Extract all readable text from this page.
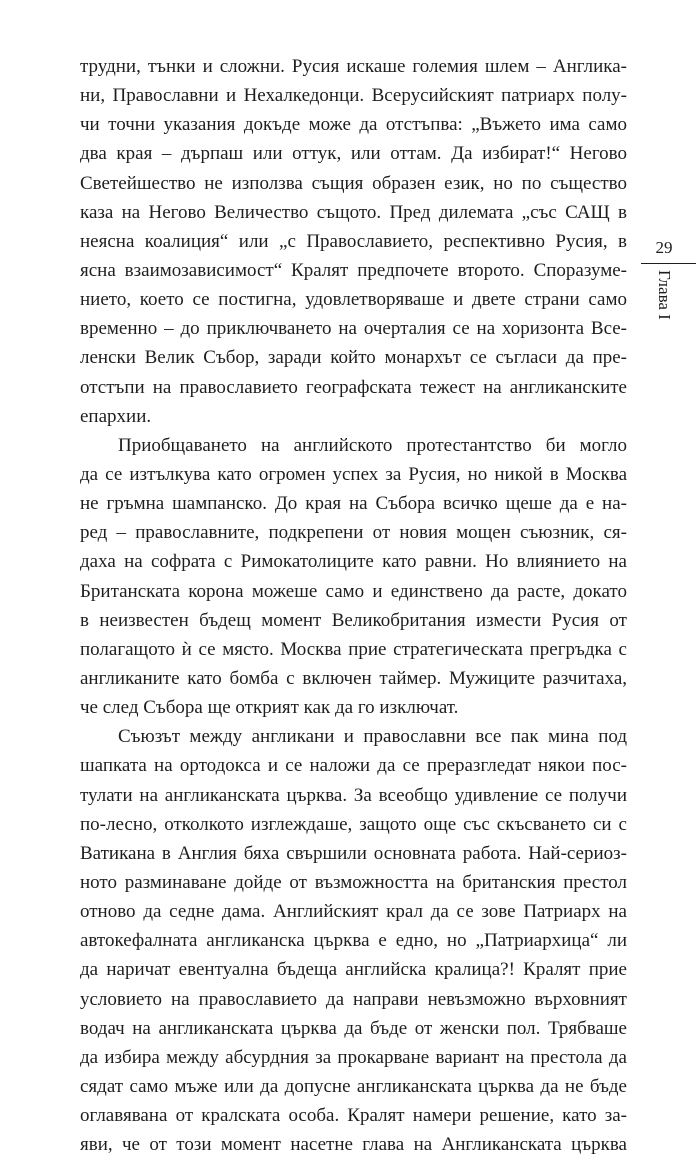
трудни, тънки и сложни. Русия искаше големия шлем – Англика-
ни, Православни и Нехалкедонци. Всерусийският патриарх полу-
чи точни указания докъде може да отстъпва: „Въжето има само
два края – дърпаш или оттук, или оттам. Да избират!“ Негово
Светейшество не използва същия образен език, но по същество
каза на Негово Величество същото. Пред дилемата „със САЩ в
неясна коалиция“ или „с Православието, респективно Русия, в
ясна взаимозависимост“ Кралят предпочете второто. Споразуме-
нието, което се постигна, удовлетворяваше и двете страни само
временно – до приключването на очерталия се на хоризонта Все-
ленски Велик Събор, заради който монархът се съгласи да пре-
отстъпи на православието географската тежест на англиканските
епархии.
Приобщаването на английското протестантство би могло
да се изтълкува като огромен успех за Русия, но никой в Москва
не гръмна шампанско. До края на Събора всичко щеше да е на-
ред – православните, подкрепени от новия мощен съюзник, ся-
даха на софрата с Римокатолиците като равни. Но влиянието на
Британската корона можеше само и единствено да расте, докато
в неизвестен бъдещ момент Великобритания измести Русия от
полагащото ѝ се място. Москва прие стратегическата прегръдка с
англиканите като бомба с включен таймер. Мужиците разчитаха,
че след Събора ще открият как да го изключат.
Съюзът между англикани и православни все пак мина под
шапката на ортодокса и се наложи да се преразгледат някои пос-
тулати на англиканската църква. За всеобщо удивление се получи
по-лесно, отколкото изглеждаше, защото още със скъсването си с
Ватикана в Англия бяха свършили основната работа. Най-сериоз-
ното разминаване дойде от възможността на британския престол
отново да седне дама. Английският крал да се зове Патриарх на
автокефалната англиканска църква е едно, но „Патриархица“ ли
да наричат евентуална бъдеща английска кралица?! Кралят прие
условието на православието да направи невъзможно върховният
водач на англиканската църква да бъде от женски пол. Трябваше
да избира между абсурдния за прокарване вариант на престола да
сядат само мъже или да допусне англиканската църква да не бъде
оглавявана от кралската особа. Кралят намери решение, като за-
яви, че от този момент насетне глава на Англиканската църква
29
Глава I
